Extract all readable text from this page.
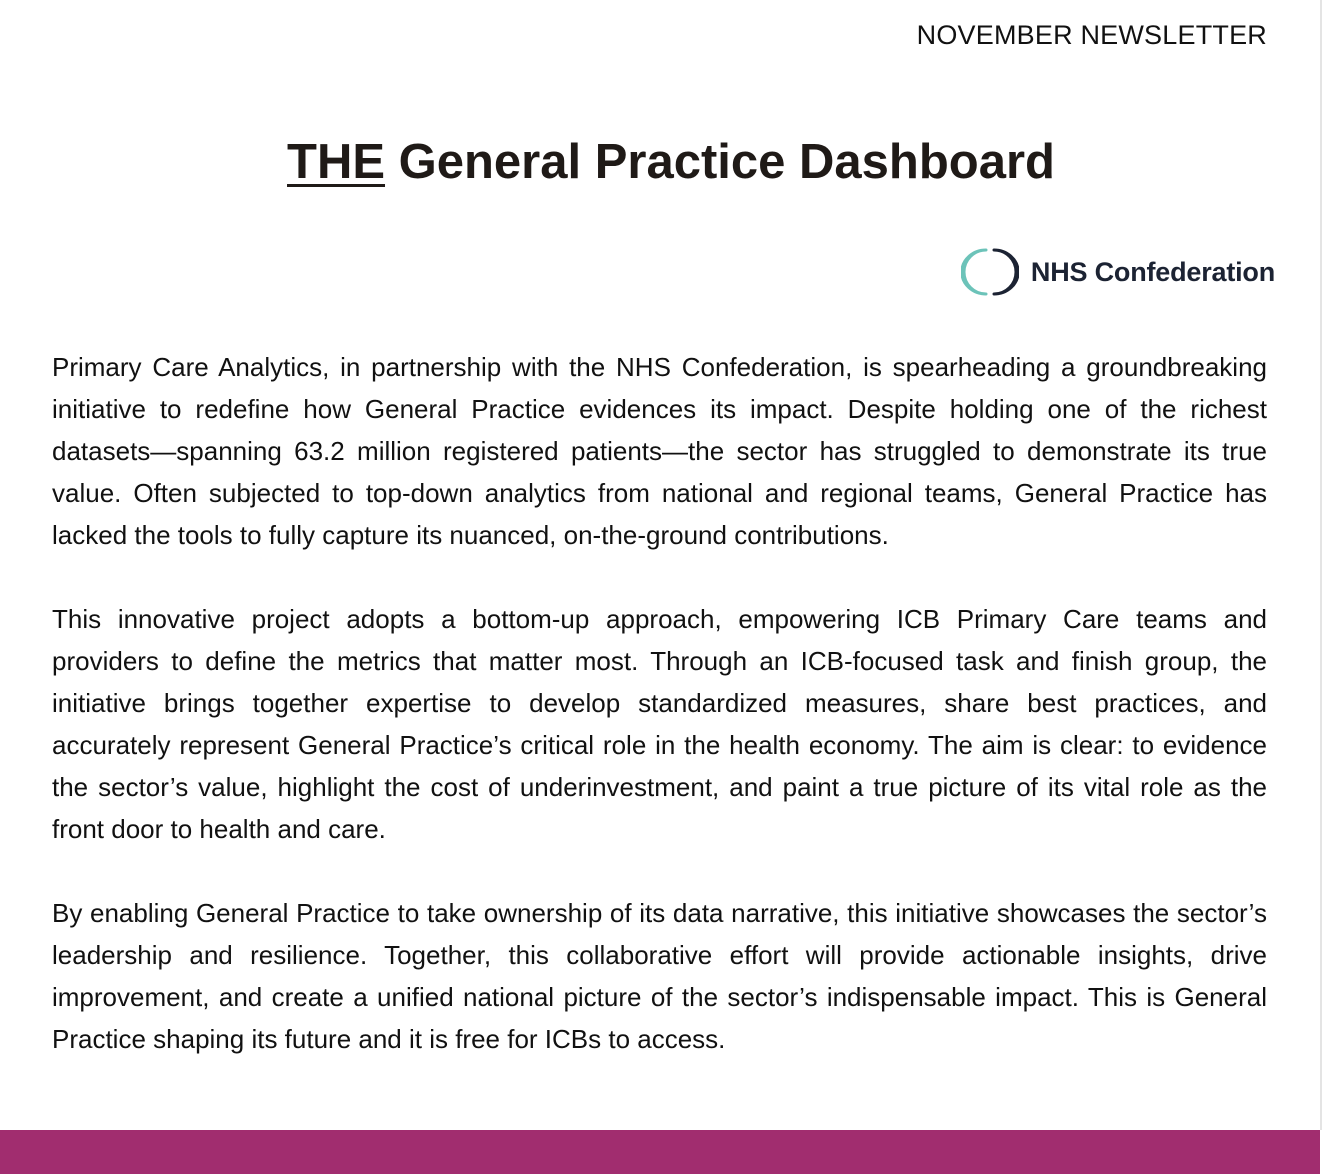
NOVEMBER NEWSLETTER
THE General Practice Dashboard
NHS Confederation

Primary Care Analytics, in partnership with the NHS Confederation, is spearheading a groundbreaking initiative to redefine how General Practice evidences its impact. Despite holding one of the richest datasets—spanning 63.2 million registered patients—the sector has struggled to demonstrate its true value. Often subjected to top-down analytics from national and regional teams, General Practice has lacked the tools to fully capture its nuanced, on-the-ground contributions.

This innovative project adopts a bottom-up approach, empowering ICB Primary Care teams and providers to define the metrics that matter most. Through an ICB-focused task and finish group, the initiative brings together expertise to develop standardized measures, share best practices, and accurately represent General Practice’s critical role in the health economy. The aim is clear: to evidence the sector’s value, highlight the cost of underinvestment, and paint a true picture of its vital role as the front door to health and care.

By enabling General Practice to take ownership of its data narrative, this initiative showcases the sector’s leadership and resilience. Together, this collaborative effort will provide actionable insights, drive improvement, and create a unified national picture of the sector’s indispensable impact. This is General Practice shaping its future and it is free for ICBs to access.
